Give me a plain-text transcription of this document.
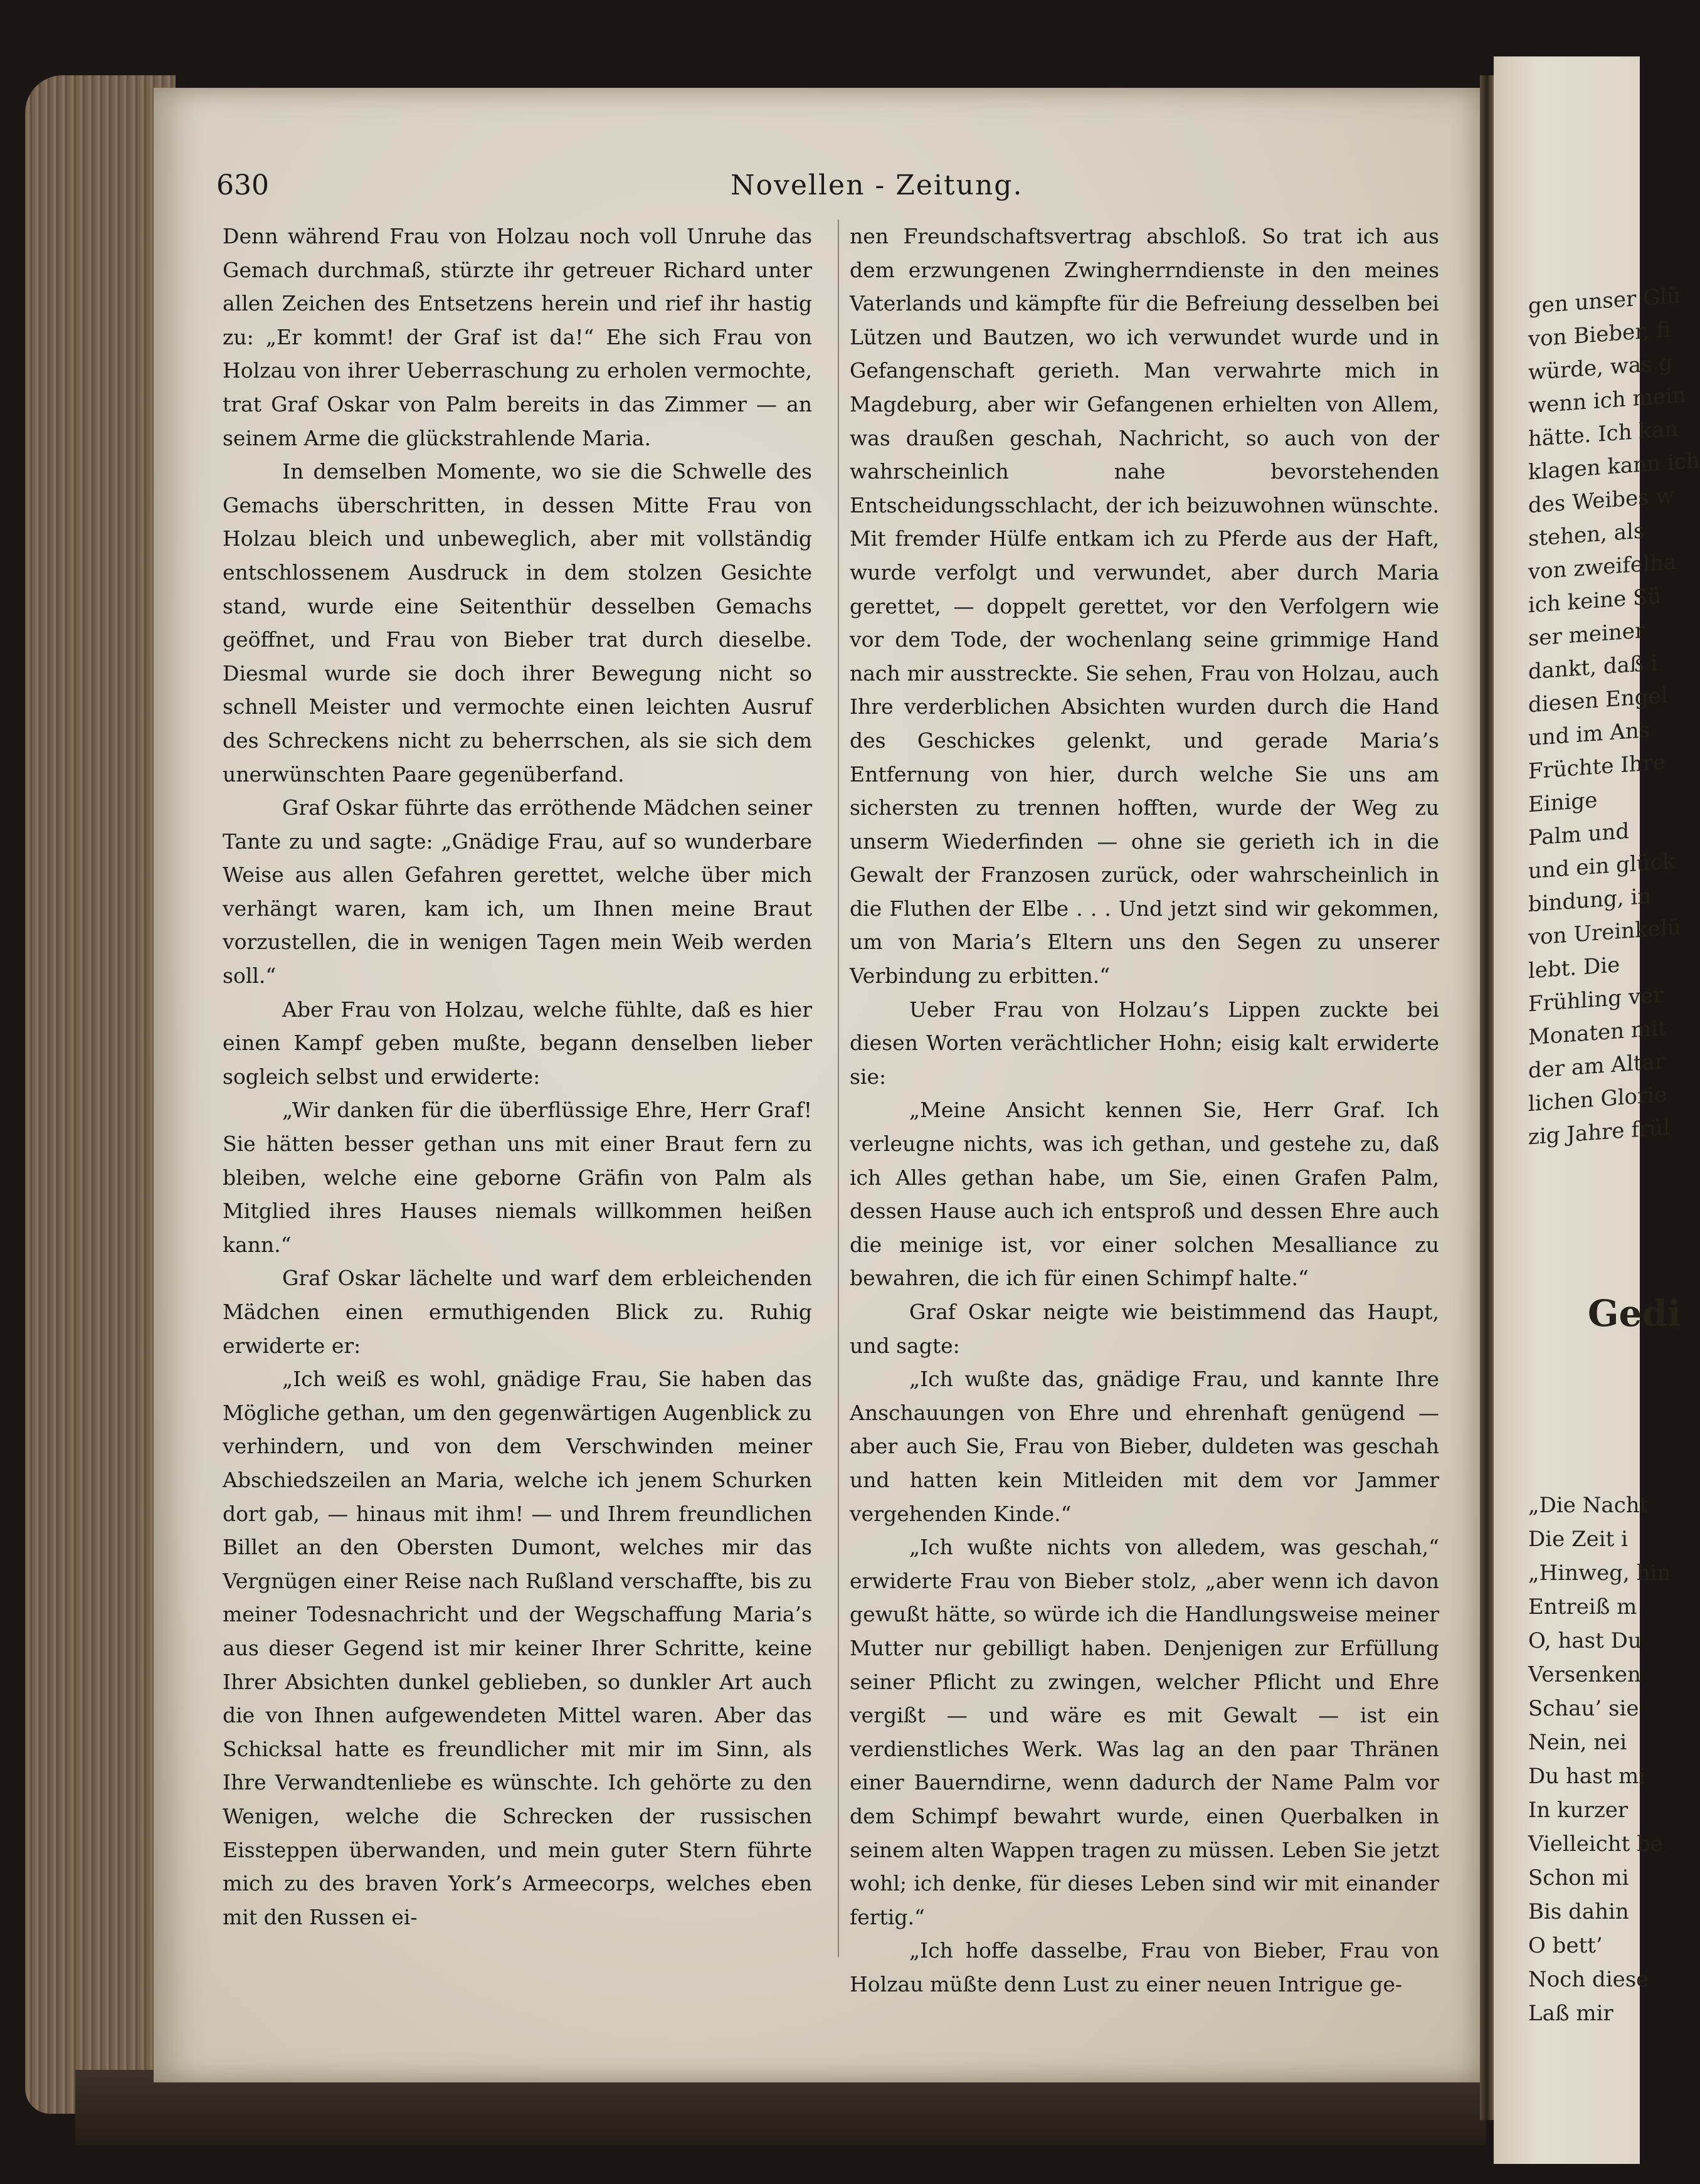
630	Novellen - Zeitung.

Denn während Frau von Holzau noch voll Unruhe das Gemach durchmaß, stürzte ihr getreuer Richard unter allen Zeichen des Entsetzens herein und rief ihr hastig zu: „Er kommt! der Graf ist da!“ Ehe sich Frau von Holzau von ihrer Ueberraschung zu erholen vermochte, trat Graf Oskar von Palm bereits in das Zimmer — an seinem Arme die glückstrahlende Maria.

In demselben Momente, wo sie die Schwelle des Gemachs überschritten, in dessen Mitte Frau von Holzau bleich und unbeweglich, aber mit vollständig entschlossenem Ausdruck in dem stolzen Gesichte stand, wurde eine Seitenthür desselben Gemachs geöffnet, und Frau von Bieber trat durch dieselbe. Diesmal wurde sie doch ihrer Bewegung nicht so schnell Meister und vermochte einen leichten Ausruf des Schreckens nicht zu beherrschen, als sie sich dem unerwünschten Paare gegenüberfand.

Graf Oskar führte das erröthende Mädchen seiner Tante zu und sagte: „Gnädige Frau, auf so wunderbare Weise aus allen Gefahren gerettet, welche über mich verhängt waren, kam ich, um Ihnen meine Braut vorzustellen, die in wenigen Tagen mein Weib werden soll.“

Aber Frau von Holzau, welche fühlte, daß es hier einen Kampf geben mußte, begann denselben lieber sogleich selbst und erwiderte:

„Wir danken für die überflüssige Ehre, Herr Graf! Sie hätten besser gethan uns mit einer Braut fern zu bleiben, welche eine geborne Gräfin von Palm als Mitglied ihres Hauses niemals willkommen heißen kann.“

Graf Oskar lächelte und warf dem erbleichenden Mädchen einen ermuthigenden Blick zu. Ruhig erwiderte er:

„Ich weiß es wohl, gnädige Frau, Sie haben das Mögliche gethan, um den gegenwärtigen Augenblick zu verhindern, und von dem Verschwinden meiner Abschiedszeilen an Maria, welche ich jenem Schurken dort gab, — hinaus mit ihm! — und Ihrem freundlichen Billet an den Obersten Dumont, welches mir das Vergnügen einer Reise nach Rußland verschaffte, bis zu meiner Todesnachricht und der Wegschaffung Maria’s aus dieser Gegend ist mir keiner Ihrer Schritte, keine Ihrer Absichten dunkel geblieben, so dunkler Art auch die von Ihnen aufgewendeten Mittel waren. Aber das Schicksal hatte es freundlicher mit mir im Sinn, als Ihre Verwandtenliebe es wünschte. Ich gehörte zu den Wenigen, welche die Schrecken der russischen Eissteppen überwanden, und mein guter Stern führte mich zu des braven York’s Armeecorps, welches eben mit den Russen ei-

nen Freundschaftsvertrag abschloß. So trat ich aus dem erzwungenen Zwingherrndienste in den meines Vaterlands und kämpfte für die Befreiung desselben bei Lützen und Bautzen, wo ich verwundet wurde und in Gefangenschaft gerieth. Man verwahrte mich in Magdeburg, aber wir Gefangenen erhielten von Allem, was draußen geschah, Nachricht, so auch von der wahrscheinlich nahe bevorstehenden Entscheidungsschlacht, der ich beizuwohnen wünschte. Mit fremder Hülfe entkam ich zu Pferde aus der Haft, wurde verfolgt und verwundet, aber durch Maria gerettet, — doppelt gerettet, vor den Verfolgern wie vor dem Tode, der wochenlang seine grimmige Hand nach mir ausstreckte. Sie sehen, Frau von Holzau, auch Ihre verderblichen Absichten wurden durch die Hand des Geschickes gelenkt, und gerade Maria’s Entfernung von hier, durch welche Sie uns am sichersten zu trennen hofften, wurde der Weg zu unserm Wiederfinden — ohne sie gerieth ich in die Gewalt der Franzosen zurück, oder wahrscheinlich in die Fluthen der Elbe . . . Und jetzt sind wir gekommen, um von Maria’s Eltern uns den Segen zu unserer Verbindung zu erbitten.“

Ueber Frau von Holzau’s Lippen zuckte bei diesen Worten verächtlicher Hohn; eisig kalt erwiderte sie:

„Meine Ansicht kennen Sie, Herr Graf. Ich verleugne nichts, was ich gethan, und gestehe zu, daß ich Alles gethan habe, um Sie, einen Grafen Palm, dessen Hause auch ich entsproß und dessen Ehre auch die meinige ist, vor einer solchen Mesalliance zu bewahren, die ich für einen Schimpf halte.“

Graf Oskar neigte wie beistimmend das Haupt, und sagte:

„Ich wußte das, gnädige Frau, und kannte Ihre Anschauungen von Ehre und ehrenhaft genügend — aber auch Sie, Frau von Bieber, duldeten was geschah und hatten kein Mitleiden mit dem vor Jammer vergehenden Kinde.“

„Ich wußte nichts von alledem, was geschah,“ erwiderte Frau von Bieber stolz, „aber wenn ich davon gewußt hätte, so würde ich die Handlungsweise meiner Mutter nur gebilligt haben. Denjenigen zur Erfüllung seiner Pflicht zu zwingen, welcher Pflicht und Ehre vergißt — und wäre es mit Gewalt — ist ein verdienstliches Werk. Was lag an den paar Thränen einer Bauerndirne, wenn dadurch der Name Palm vor dem Schimpf bewahrt wurde, einen Querbalken in seinem alten Wappen tragen zu müssen. Leben Sie jetzt wohl; ich denke, für dieses Leben sind wir mit einander fertig.“

„Ich hoffe dasselbe, Frau von Bieber, Frau von Holzau müßte denn Lust zu einer neuen Intrigue ge-

gen unser Glü
von Bieber, fi
würde, was g
wenn ich mein
hätte. Ich kan
klagen kann ich
des Weibes w
stehen, als
von zweifelha
ich keine Sü
ser meiner
dankt, daß i
diesen Engel
und im Ans
Früchte Ihre
Einige
Palm und
und ein glück
bindung, in
von Ureinkelü
lebt. Die
Frühling ver
Monaten mit
der am Altar
lichen Glorie
zig Jahre frül
Gedi
„Die Nacht
Die Zeit i
„Hinweg, hin
Entreiß m
O, hast Du
Versenken
Schau’ sie
Nein, nei
Du hast mi
In kurzer
Vielleicht be
Schon mi
Bis dahin
O bett’
Noch diese
Laß mir
